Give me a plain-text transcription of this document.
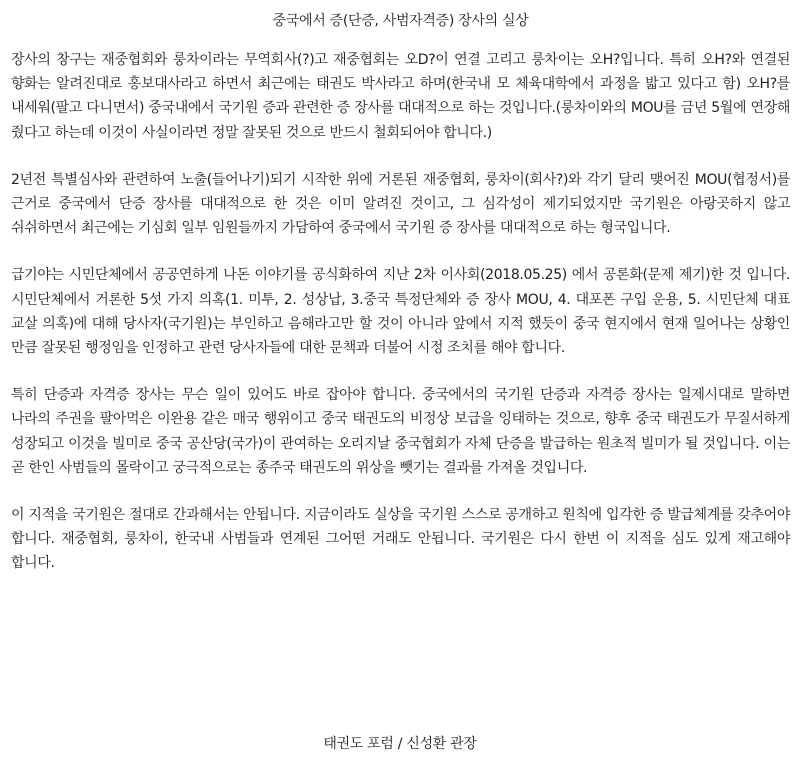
중국에서 증(단증, 사범자격증) 장사의 실상

장사의 창구는 재중협회와 룽차이라는 무역회사(?)고 재중협회는 오D?이 연결 고리고 룽차이는 오H?입니다. 특히 오H?와 연결된 향화는 알려진대로 홍보대사라고 하면서 최근에는 태권도 박사라고 하며(한국내 모 체육대학에서 과정을 밟고 있다고 함) 오H?를 내세워(팔고 다니면서) 중국내에서 국기원 증과 관련한 증 장사를 대대적으로 하는 것입니다.(룽차이와의 MOU를 금년 5월에 연장해 줬다고 하는데 이것이 사실이라면 정말 잘못된 것으로 반드시 철회되어야 합니다.)

2년전 특별심사와 관련하여 노출(들어나기)되기 시작한 위에 거론된 재중협회, 룽차이(회사?)와 각기 달리 맺어진 MOU(협정서)를 근거로 중국에서 단증 장사를 대대적으로 한 것은 이미 알려진 것이고, 그 심각성이 제기되었지만 국기원은 아랑곳하지 않고 쉬쉬하면서 최근에는 기심회 일부 임원들까지 가담하여 중국에서 국기원 증 장사를 대대적으로 하는 형국입니다.

급기야는 시민단체에서 공공연하게 나돈 이야기를 공식화하여 지난 2차 이사회(2018.05.25) 에서 공론화(문제 제기)한 것 입니다. 시민단체에서 거론한 5섯 가지 의혹(1. 미투, 2. 성상납, 3.중국 특정단체와 증 장사 MOU, 4. 대포폰 구입 운용, 5. 시민단체 대표 교살 의혹)에 대해 당사자(국기원)는 부인하고 음해라고만 할 것이 아니라 앞에서 지적 했듯이 중국 현지에서 현재 일어나는 상황인 만큼 잘못된 행정임을 인정하고 관련 당사자들에 대한 문책과 더불어 시정 조치를 해야 합니다.

특히 단증과 자격증 장사는 무슨 일이 있어도 바로 잡아야 합니다. 중국에서의 국기원 단증과 자격증 장사는 일제시대로 말하면 나라의 주권을 팔아먹은 이완용 같은 매국 행위이고 중국 태권도의 비정상 보급을 잉태하는 것으로, 향후 중국 태권도가 무질서하게 성장되고 이것을 빌미로 중국 공산당(국가)이 관여하는 오리지날 중국협회가 자체 단증을 발급하는 원초적 빌미가 될 것입니다. 이는 곧 한인 사범들의 몰락이고 궁극적으로는 종주국 태권도의 위상을 뺏기는 결과를 가져올 것입니다.

이 지적을 국기원은 절대로 간과해서는 안됩니다. 지금이라도 실상을 국기원 스스로 공개하고 원칙에 입각한 증 발급체계를 갖추어야 합니다. 재중협회, 룽차이, 한국내 사범들과 연계된 그어떤 거래도 안됩니다. 국기원은 다시 한번 이 지적을 심도 있게 재고해야 합니다.

태권도 포럼 / 신성환 관장
